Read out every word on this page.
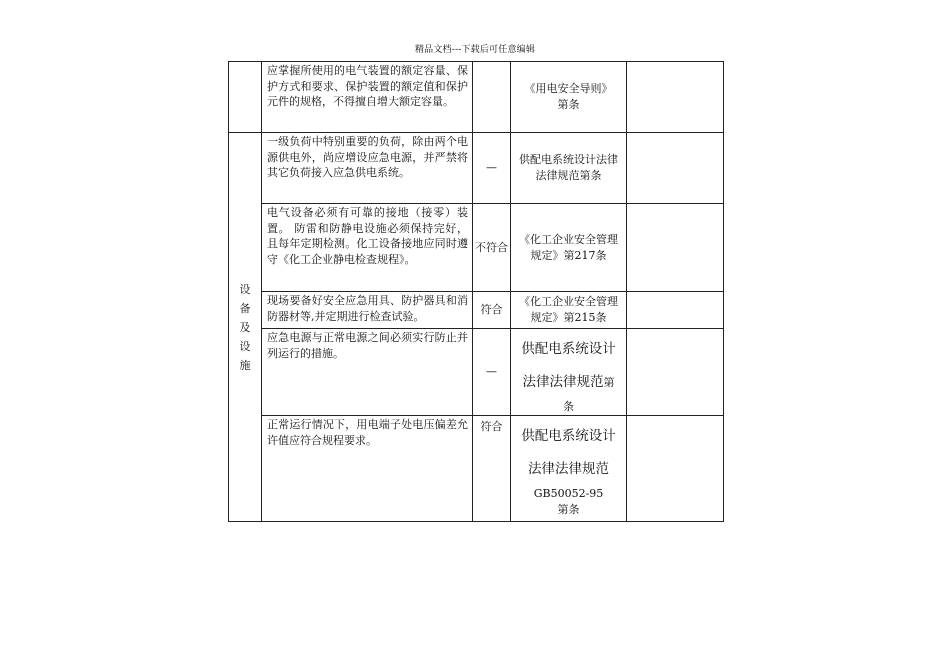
精品文档---下载后可任意编辑
	应掌握所使用的电气装置的额定容量、保护方式和要求、保护装置的额定值和保护元件的规格，不得擅自增大额定容量。		《用电安全导则》
第条	

设备及设施	一级负荷中特别重要的负荷，除由两个电源供电外，尚应增设应急电源，并严禁将其它负荷接入应急供电系统。	—	供配电系统设计法律法律规范第条	
	电气设备必须有可靠的接地（接零）装置。 防雷和防静电设施必须保持完好，且每年定期检测。化工设备接地应同时遵守《化工企业静电检查规程》。	不符合	《化工企业安全管理规定》第217条	
	现场要备好安全应急用具、防护器具和消防器材等,并定期进行检查试验。	符合	《化工企业安全管理规定》第215条	
	应急电源与正常电源之间必须实行防止并列运行的措施。	—	供配电系统设计
法律法律规范第
条	

	正常运行情况下，用电端子处电压偏差允许值应符合规程要求。	符合	供配电系统设计
法律法律规范
GB50052-95
第条	
